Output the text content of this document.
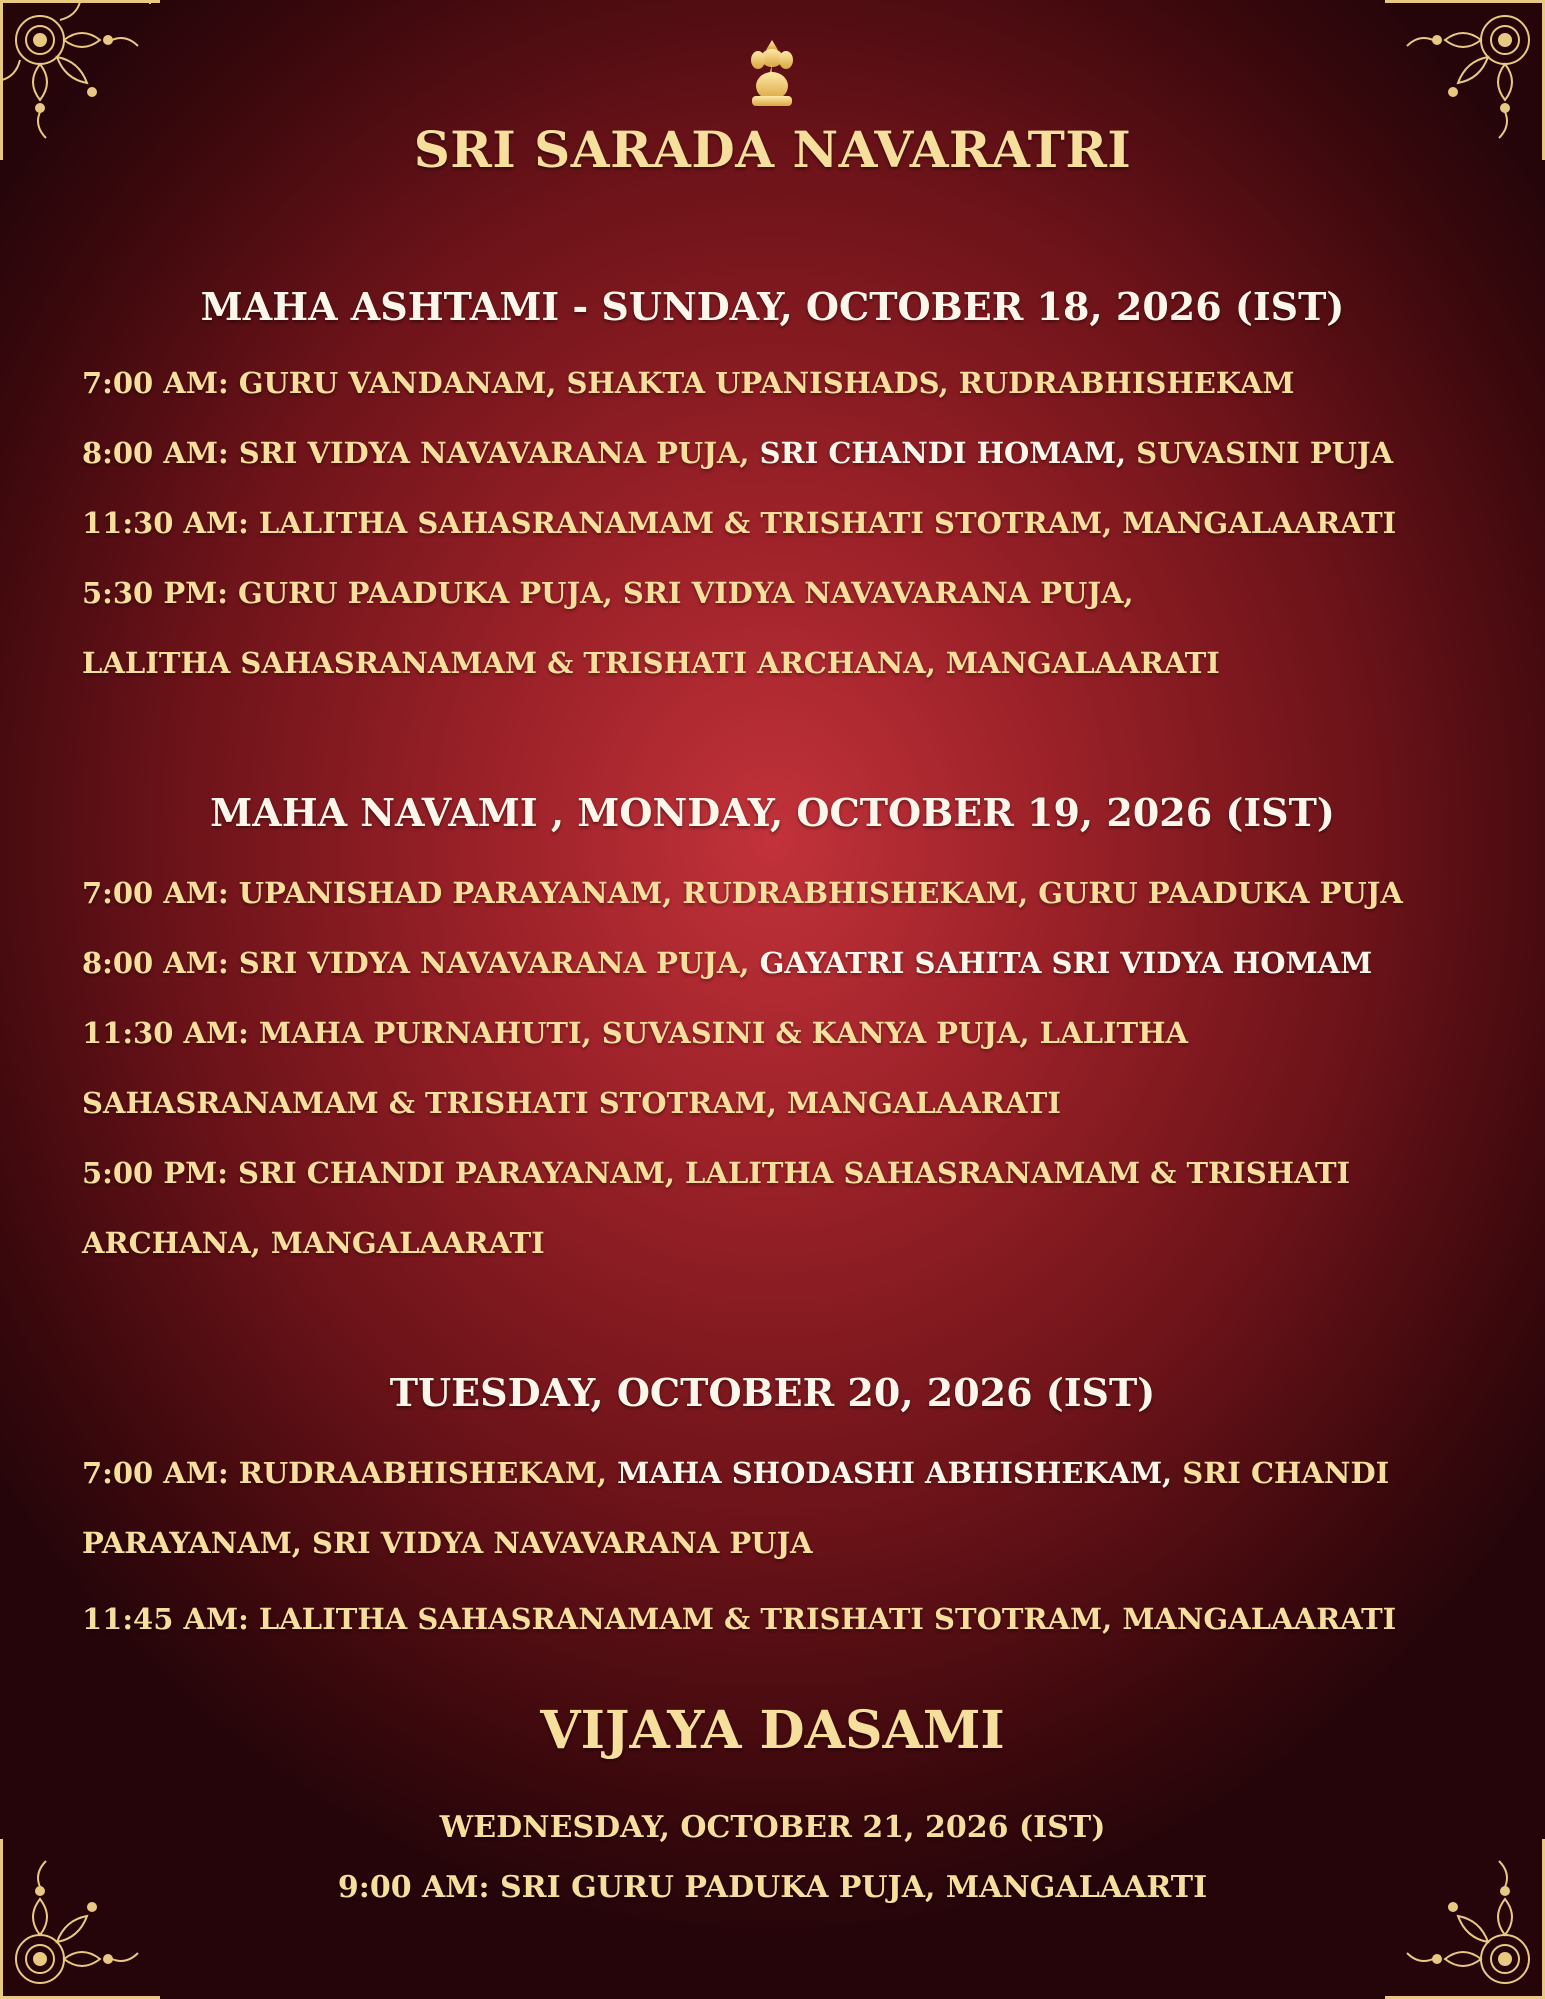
SRI SARADA NAVARATRI
MAHA ASHTAMI - SUNDAY, OCTOBER 18, 2026 (IST)
7:00 AM: GURU VANDANAM, SHAKTA UPANISHADS, RUDRABHISHEKAM
8:00 AM: SRI VIDYA NAVAVARANA PUJA, SRI CHANDI HOMAM, SUVASINI PUJA
11:30 AM: LALITHA SAHASRANAMAM & TRISHATI STOTRAM, MANGALAARATI
5:30 PM: GURU PAADUKA PUJA, SRI VIDYA NAVAVARANA PUJA,
LALITHA SAHASRANAMAM & TRISHATI ARCHANA, MANGALAARATI
MAHA NAVAMI , MONDAY, OCTOBER 19, 2026 (IST)
7:00 AM: UPANISHAD PARAYANAM, RUDRABHISHEKAM, GURU PAADUKA PUJA
8:00 AM: SRI VIDYA NAVAVARANA PUJA, GAYATRI SAHITA SRI VIDYA HOMAM
11:30 AM: MAHA PURNAHUTI, SUVASINI & KANYA PUJA, LALITHA
SAHASRANAMAM & TRISHATI STOTRAM, MANGALAARATI
5:00 PM: SRI CHANDI PARAYANAM, LALITHA SAHASRANAMAM & TRISHATI
ARCHANA, MANGALAARATI
TUESDAY, OCTOBER 20, 2026 (IST)
7:00 AM: RUDRAABHISHEKAM, MAHA SHODASHI ABHISHEKAM, SRI CHANDI
PARAYANAM, SRI VIDYA NAVAVARANA PUJA
11:45 AM: LALITHA SAHASRANAMAM & TRISHATI STOTRAM, MANGALAARATI
VIJAYA DASAMI
WEDNESDAY, OCTOBER 21, 2026 (IST)
9:00 AM: SRI GURU PADUKA PUJA, MANGALAARTI
